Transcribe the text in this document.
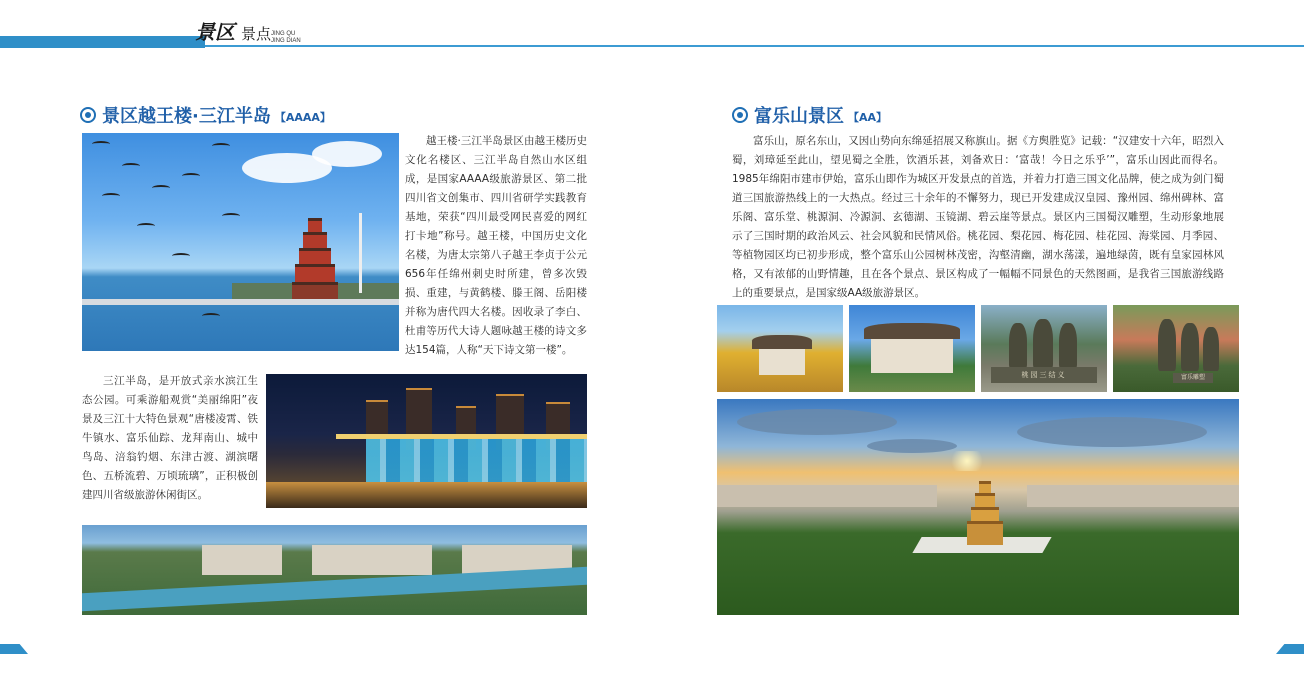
景区 景点 JING QU
JING DIAN
景区越王楼·三江半岛 【AAAA】
越王楼·三江半岛景区由越王楼历史文化名楼区、三江半岛自然山水区组成，是国家AAAA级旅游景区、第二批四川省文创集市、四川省研学实践教育基地，荣获“四川最受网民喜爱的网红打卡地”称号。越王楼，中国历史文化名楼，为唐太宗第八子越王李贞于公元656年任绵州刺史时所建，曾多次毁损、重建，与黄鹤楼、滕王阁、岳阳楼并称为唐代四大名楼。因收录了李白、杜甫等历代大诗人题咏越王楼的诗文多达154篇，人称“天下诗文第一楼”。
三江半岛，是开放式亲水滨江生态公园。可乘游船观赏“美丽绵阳”夜景及三江十大特色景观“唐楼凌霄、铁牛镇水、富乐仙踪、龙拜南山、城中鸟岛、涪翁钓烟、东津古渡、湖滨曙色、五桥流碧、万顷琉璃”，正积极创建四川省级旅游休闲街区。
富乐山景区 【AA】
富乐山，原名东山，又因山势向东绵延招展又称旗山。据《方舆胜览》记载：“汉建安十六年，昭烈入蜀，刘璋延至此山，望见蜀之全胜，饮酒乐甚，刘备欢日：‘富哉！今日之乐乎’”，富乐山因此而得名。1985年绵阳市建市伊始，富乐山即作为城区开发景点的首选，并着力打造三国文化品牌，使之成为剑门蜀道三国旅游热线上的一大热点。经过三十余年的不懈努力，现已开发建成汉皇园、豫州园、绵州碑林、富乐阁、富乐堂、桃源洞、冷源洞、玄德湖、玉镜湖、碧云崖等景点。景区内三国蜀汉雕塑，生动形象地展示了三国时期的政治风云、社会风貌和民情风俗。桃花园、梨花园、梅花园、桂花园、海棠园、月季园、等植物园区均已初步形成，整个富乐山公园树林茂密，沟壑清幽，湖水荡漾，遍地绿茵，既有皇家园林风格，又有浓郁的山野情趣，且在各个景点、景区构成了一幅幅不同景色的天然图画，是我省三国旅游线路上的重要景点，是国家级AA级旅游景区。
桃园三结义	富乐雕塑
